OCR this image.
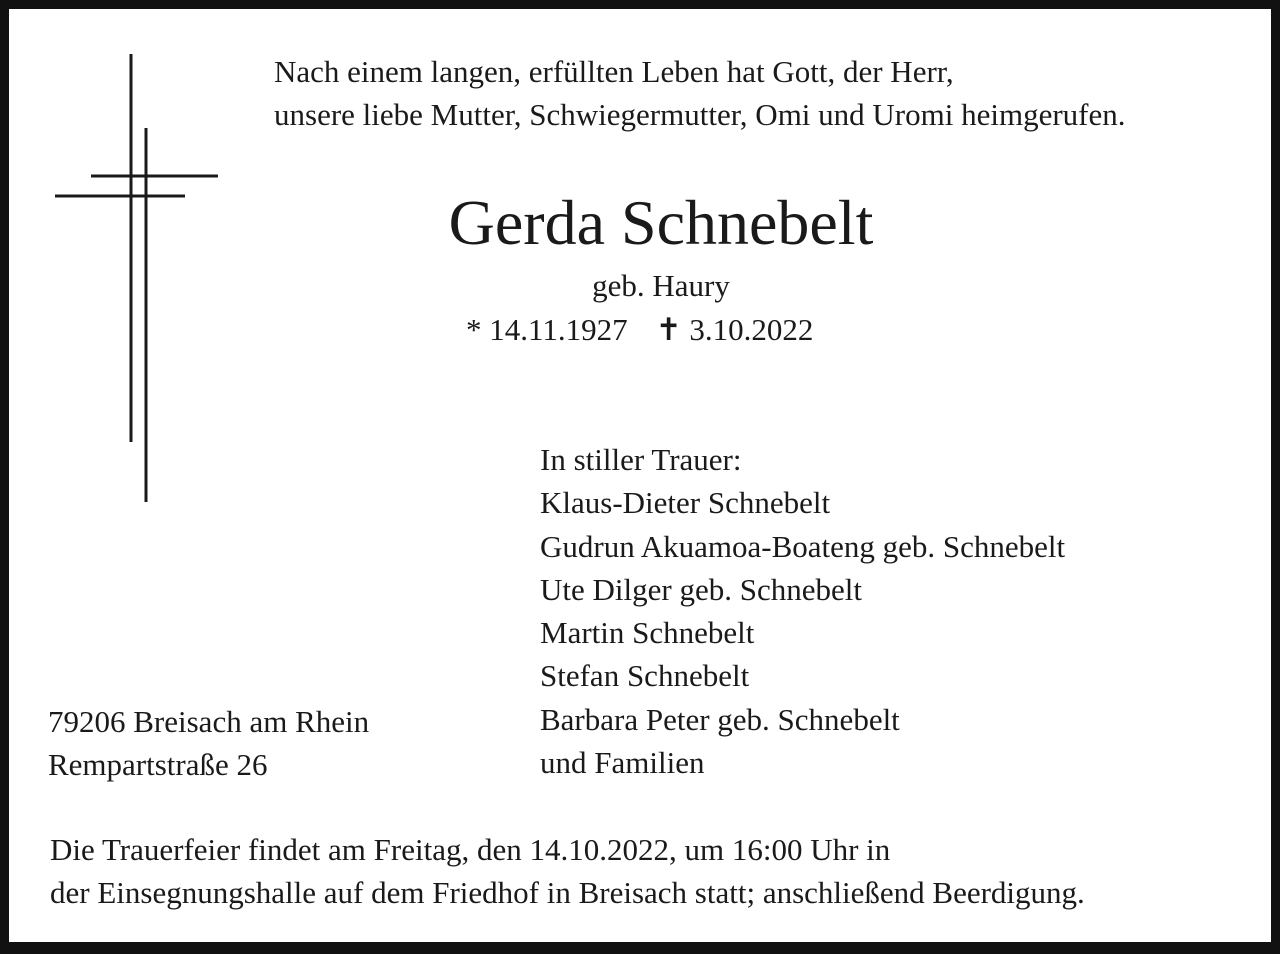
Nach einem langen, erfüllten Leben hat Gott, der Herr,
unsere liebe Mutter, Schwiegermutter, Omi und Uromi heimgerufen.
Gerda Schnebelt
geb. Haury
* 14.11.1927 ✝ 3.10.2022
In stiller Trauer:
Klaus-Dieter Schnebelt
Gudrun Akuamoa-Boateng geb. Schnebelt
Ute Dilger geb. Schnebelt
Martin Schnebelt
Stefan Schnebelt
Barbara Peter geb. Schnebelt
und Familien
79206 Breisach am Rhein
Rempartstraße 26
Die Trauerfeier findet am Freitag, den 14.10.2022, um 16:00 Uhr in
der Einsegnungshalle auf dem Friedhof in Breisach statt; anschließend Beerdigung.
